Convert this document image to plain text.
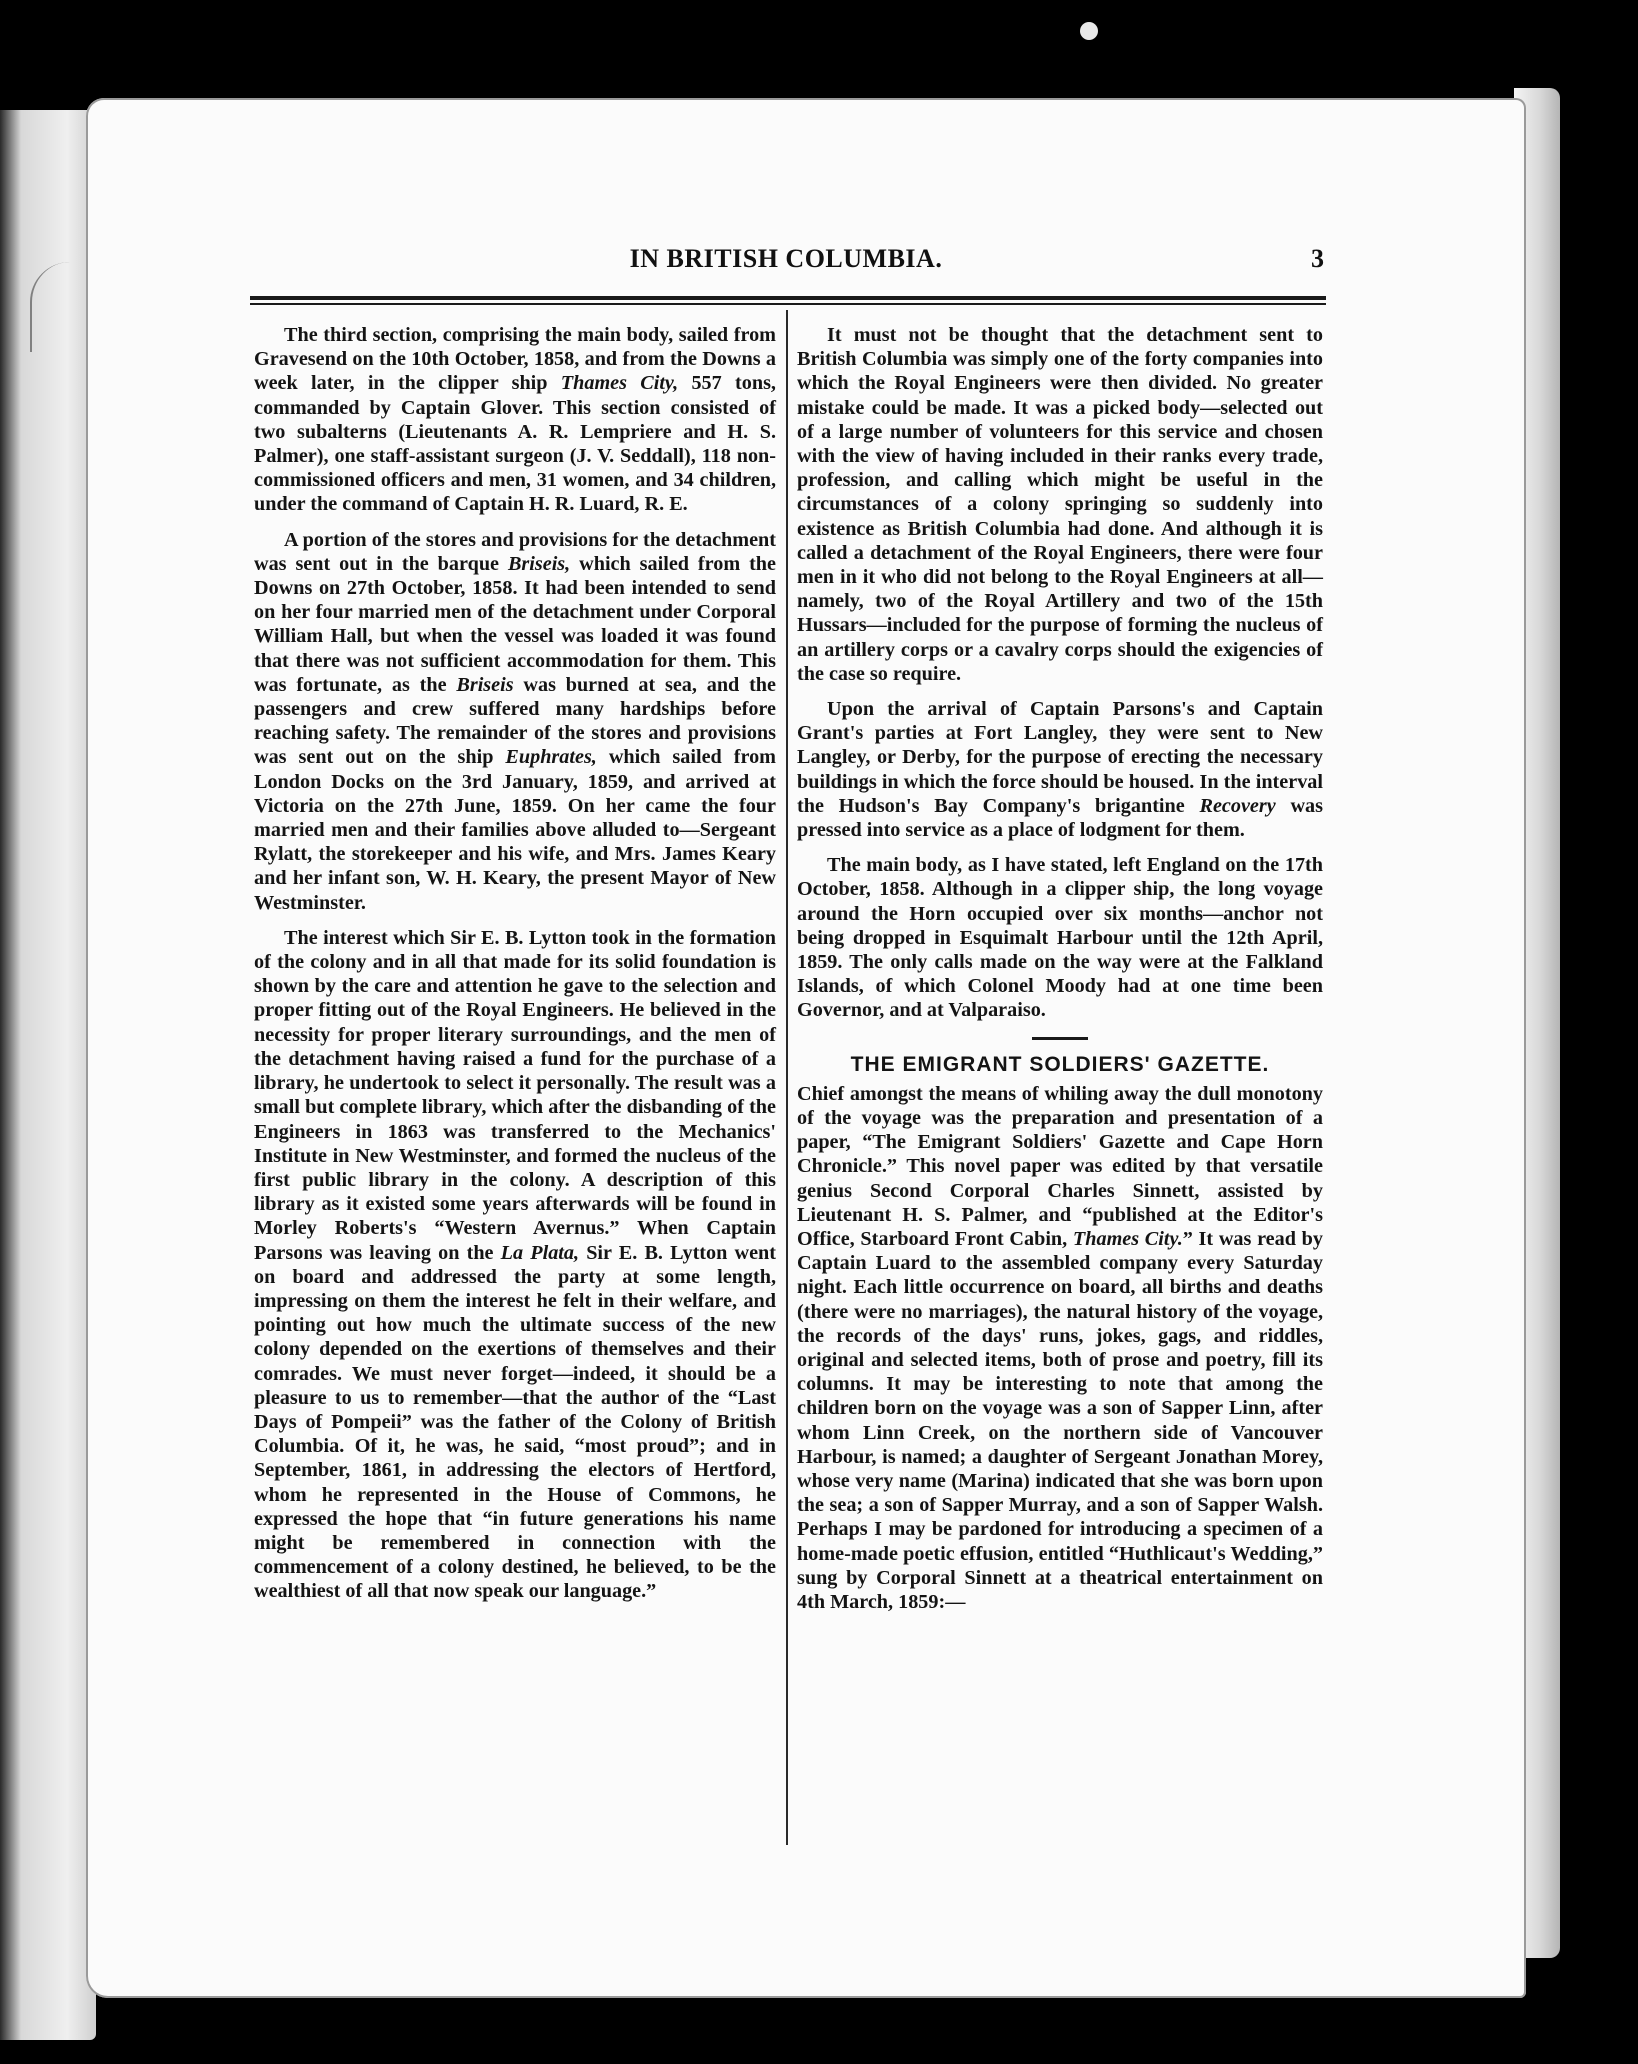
IN BRITISH COLUMBIA.	3

The third section, comprising the main body, sailed from Gravesend on the 10th October, 1858, and from the Downs a week later, in the clipper ship Thames City, 557 tons, commanded by Captain Glover. This section consisted of two subalterns (Lieutenants A. R. Lempriere and H. S. Palmer), one staff-assistant surgeon (J. V. Seddall), 118 non-commissioned officers and men, 31 women, and 34 children, under the command of Captain H. R. Luard, R. E.

A portion of the stores and provisions for the detachment was sent out in the barque Briseis, which sailed from the Downs on 27th October, 1858. It had been intended to send on her four married men of the detachment under Corporal William Hall, but when the vessel was loaded it was found that there was not sufficient accommodation for them. This was fortunate, as the Briseis was burned at sea, and the passengers and crew suffered many hardships before reaching safety. The remainder of the stores and provisions was sent out on the ship Euphrates, which sailed from London Docks on the 3rd January, 1859, and arrived at Victoria on the 27th June, 1859. On her came the four married men and their families above alluded to—Sergeant Rylatt, the storekeeper and his wife, and Mrs. James Keary and her infant son, W. H. Keary, the present Mayor of New Westminster.

The interest which Sir E. B. Lytton took in the formation of the colony and in all that made for its solid foundation is shown by the care and attention he gave to the selection and proper fitting out of the Royal Engineers. He believed in the necessity for proper literary surroundings, and the men of the detachment having raised a fund for the purchase of a library, he undertook to select it personally. The result was a small but complete library, which after the disbanding of the Engineers in 1863 was transferred to the Mechanics' Institute in New Westminster, and formed the nucleus of the first public library in the colony. A description of this library as it existed some years afterwards will be found in Morley Roberts's “Western Avernus.” When Captain Parsons was leaving on the La Plata, Sir E. B. Lytton went on board and addressed the party at some length, impressing on them the interest he felt in their welfare, and pointing out how much the ultimate success of the new colony depended on the exertions of themselves and their comrades. We must never forget—indeed, it should be a pleasure to us to remember—that the author of the “Last Days of Pompeii” was the father of the Colony of British Columbia. Of it, he was, he said, “most proud”; and in September, 1861, in addressing the electors of Hertford, whom he represented in the House of Commons, he expressed the hope that “in future generations his name might be remembered in connection with the commencement of a colony destined, he believed, to be the wealthiest of all that now speak our language.”

It must not be thought that the detachment sent to British Columbia was simply one of the forty companies into which the Royal Engineers were then divided. No greater mistake could be made. It was a picked body—selected out of a large number of volunteers for this service and chosen with the view of having included in their ranks every trade, profession, and calling which might be useful in the circumstances of a colony springing so suddenly into existence as British Columbia had done. And although it is called a detachment of the Royal Engineers, there were four men in it who did not belong to the Royal Engineers at all—namely, two of the Royal Artillery and two of the 15th Hussars—included for the purpose of forming the nucleus of an artillery corps or a cavalry corps should the exigencies of the case so require.

Upon the arrival of Captain Parsons's and Captain Grant's parties at Fort Langley, they were sent to New Langley, or Derby, for the purpose of erecting the necessary buildings in which the force should be housed. In the interval the Hudson's Bay Company's brigantine Recovery was pressed into service as a place of lodgment for them.

The main body, as I have stated, left England on the 17th October, 1858. Although in a clipper ship, the long voyage around the Horn occupied over six months—anchor not being dropped in Esquimalt Harbour until the 12th April, 1859. The only calls made on the way were at the Falkland Islands, of which Colonel Moody had at one time been Governor, and at Valparaiso.

THE EMIGRANT SOLDIERS' GAZETTE.

Chief amongst the means of whiling away the dull monotony of the voyage was the preparation and presentation of a paper, “The Emigrant Soldiers' Gazette and Cape Horn Chronicle.” This novel paper was edited by that versatile genius Second Corporal Charles Sinnett, assisted by Lieutenant H. S. Palmer, and “published at the Editor's Office, Starboard Front Cabin, Thames City.” It was read by Captain Luard to the assembled company every Saturday night. Each little occurrence on board, all births and deaths (there were no marriages), the natural history of the voyage, the records of the days' runs, jokes, gags, and riddles, original and selected items, both of prose and poetry, fill its columns. It may be interesting to note that among the children born on the voyage was a son of Sapper Linn, after whom Linn Creek, on the northern side of Vancouver Harbour, is named; a daughter of Sergeant Jonathan Morey, whose very name (Marina) indicated that she was born upon the sea; a son of Sapper Murray, and a son of Sapper Walsh. Perhaps I may be pardoned for introducing a specimen of a home-made poetic effusion, entitled “Huthlicaut's Wedding,” sung by Corporal Sinnett at a theatrical entertainment on 4th March, 1859:—
